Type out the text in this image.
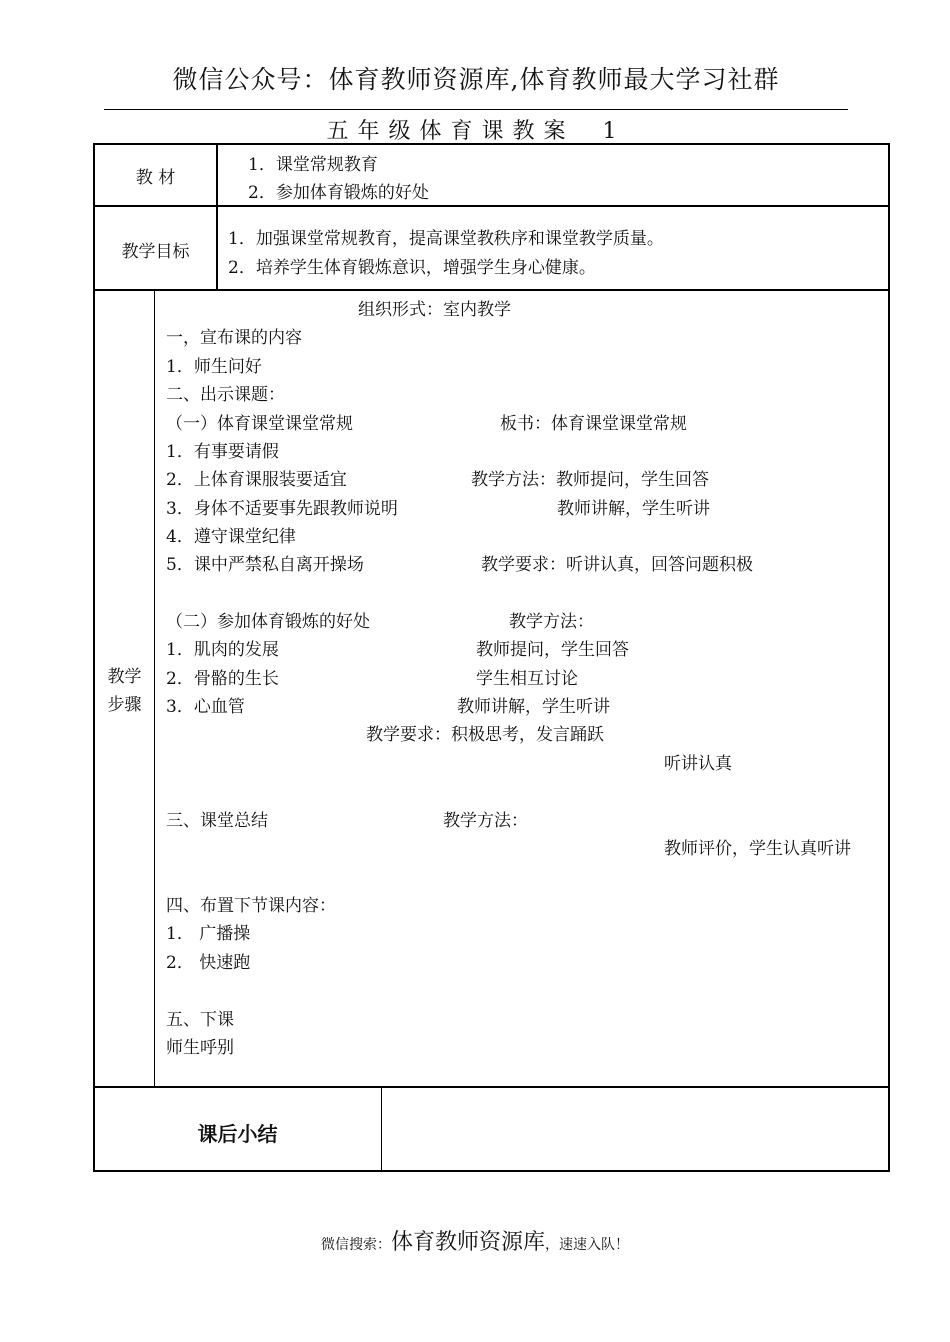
微信公众号：体育教师资源库,体育教师最大学习社群
五年级体育课教案 1
教 材
1．课堂常规教育
2．参加体育锻炼的好处
教学目标
1．加强课堂常规教育，提高课堂教秩序和课堂教学质量。
2．培养学生体育锻炼意识，增强学生身心健康。
教学
步骤
组织形式：室内教学
一，宣布课的内容
1．师生问好
二、出示课题：
（一）体育课堂课堂常规	板书：体育课堂课堂常规
1．有事要请假
2．上体育课服装要适宜	教学方法：教师提问，学生回答
3．身体不适要事先跟教师说明	教师讲解，学生听讲
4．遵守课堂纪律
5．课中严禁私自离开操场	教学要求：听讲认真，回答问题积极
（二）参加体育锻炼的好处	教学方法：
1．肌肉的发展	教师提问，学生回答
2．骨骼的生长	学生相互讨论
3．心血管	教师讲解，学生听讲
教学要求：积极思考，发言踊跃
听讲认真
三、课堂总结	教学方法：
教师评价，学生认真听讲
四、布置下节课内容：
1． 广播操
2． 快速跑
五、下课
师生呼别
课后小结
微信搜索：体育教师资源库，速速入队！
